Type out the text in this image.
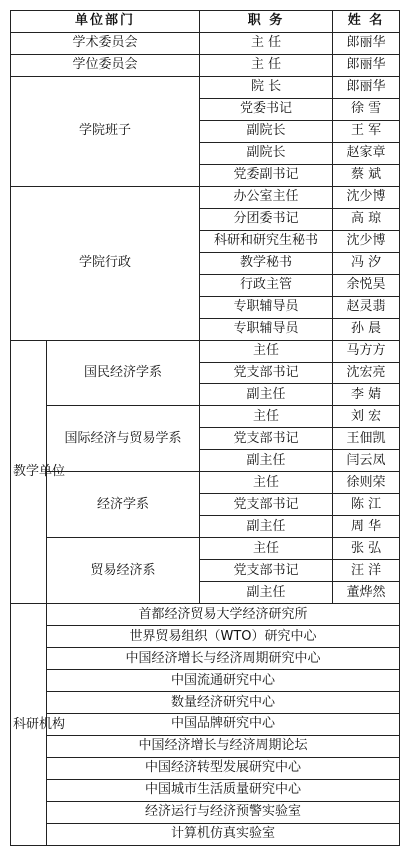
单位部门		职 务	姓 名
学术委员会		主 任	郎丽华
学位委员会		主 任	郎丽华
学院班子		院 长	郎丽华
		党委书记	徐 雪
		副院长	王 军
		副院长	赵家章
		党委副书记	蔡 斌
学院行政		办公室主任	沈少博
		分团委书记	高 琼
		科研和研究生秘书	沈少博
		教学秘书	冯 汐
		行政主管	余悦昊
		专职辅导员	赵灵翡
		专职辅导员	孙 晨
教学单位	国民经济学系	主任	马方方
		党支部书记	沈宏亮
		副主任	李 婧
	国际经济与贸易学系	主任	刘 宏
		党支部书记	王佃凯
		副主任	闫云凤
	经济学系	主任	徐则荣
		党支部书记	陈 江
		副主任	周 华
	贸易经济系	主任	张 弘
		党支部书记	汪 洋
		副主任	董烨然
科研机构	首都经济贸易大学经济研究所		
	世界贸易组织（WTO）研究中心		
	中国经济增长与经济周期研究中心		
	中国流通研究中心		
	数量经济研究中心		
	中国品牌研究中心		
	中国经济增长与经济周期论坛		
	中国经济转型发展研究中心		
	中国城市生活质量研究中心		
	经济运行与经济预警实验室		
	计算机仿真实验室		
